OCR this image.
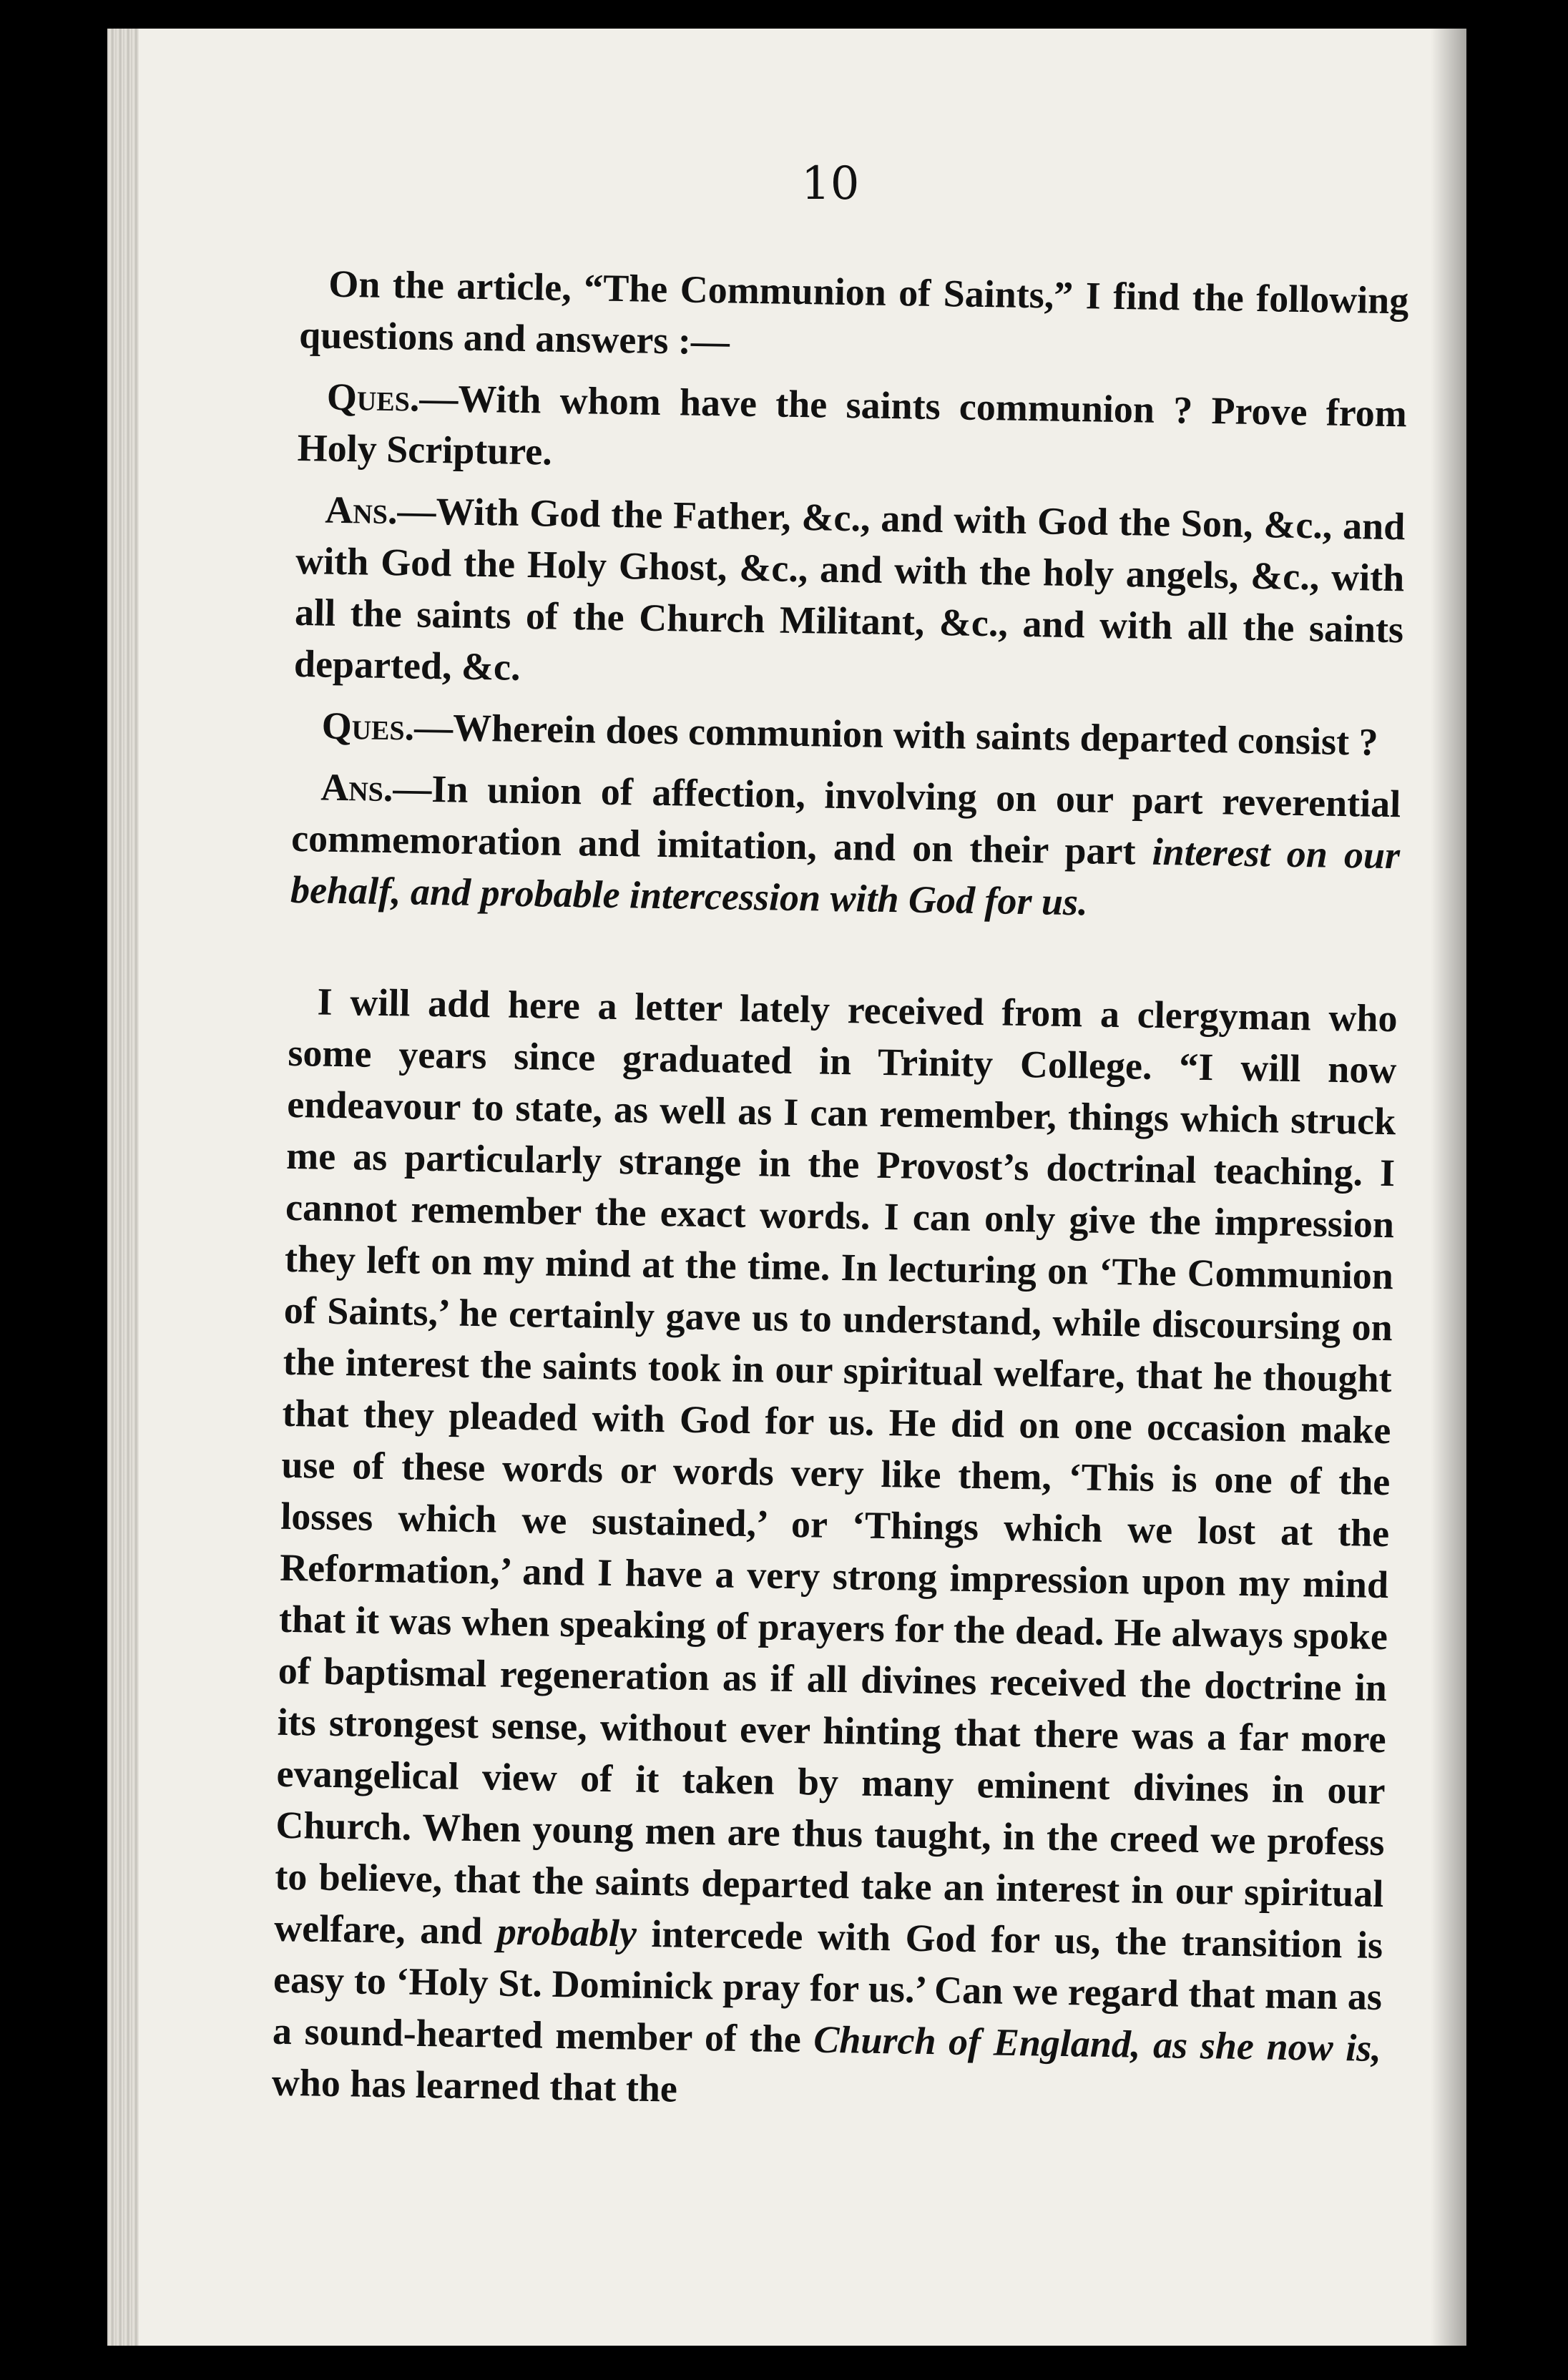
10

On the article, “The Communion of Saints,” I find the following questions and answers :—

Ques.—With whom have the saints communion ? Prove from Holy Scripture.

Ans.—With God the Father, &c., and with God the Son, &c., and with God the Holy Ghost, &c., and with the holy angels, &c., with all the saints of the Church Militant, &c., and with all the saints departed, &c.

Ques.—Wherein does communion with saints departed consist ?

Ans.—In union of affection, involving on our part reverential commemoration and imitation, and on their part interest on our behalf, and probable intercession with God for us.

I will add here a letter lately received from a clergyman who some years since graduated in Trinity College. “I will now endeavour to state, as well as I can remember, things which struck me as particularly strange in the Provost’s doctrinal teaching. I cannot remember the exact words. I can only give the impression they left on my mind at the time. In lecturing on ‘The Communion of Saints,’ he certainly gave us to understand, while discoursing on the interest the saints took in our spiritual welfare, that he thought that they pleaded with God for us. He did on one occasion make use of these words or words very like them, ‘This is one of the losses which we sustained,’ or ‘Things which we lost at the Reformation,’ and I have a very strong impression upon my mind that it was when speaking of prayers for the dead. He always spoke of baptismal regeneration as if all divines received the doctrine in its strongest sense, without ever hinting that there was a far more evangelical view of it taken by many eminent divines in our Church. When young men are thus taught, in the creed we profess to believe, that the saints departed take an interest in our spiritual welfare, and probably intercede with God for us, the transition is easy to ‘Holy St. Dominick pray for us.’ Can we regard that man as a sound-hearted member of the Church of England, as she now is, who has learned that the
